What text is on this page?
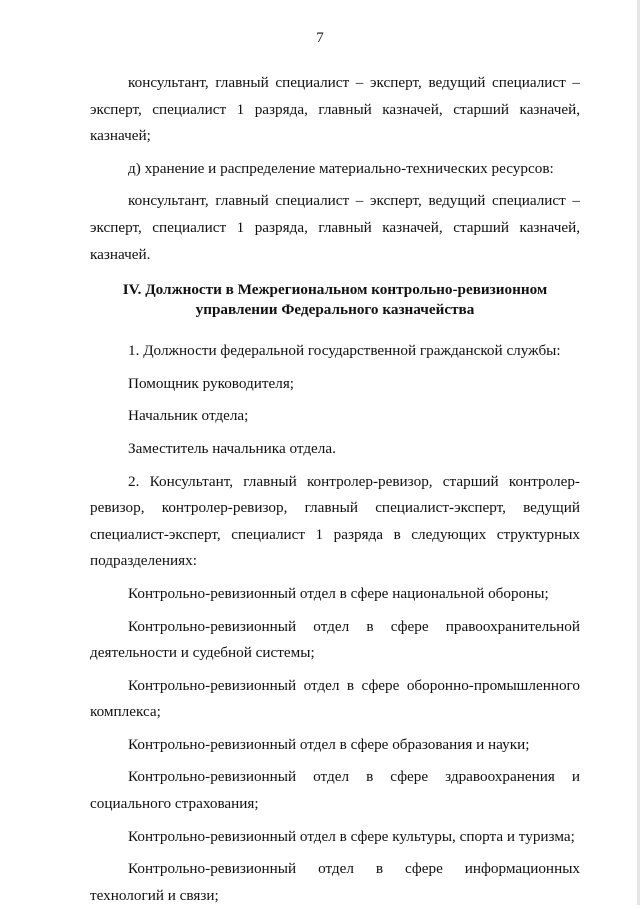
7

консультант, главный специалист – эксперт, ведущий специалист – эксперт, специалист 1 разряда, главный казначей, старший казначей, казначей;

д) хранение и распределение материально-технических ресурсов:

консультант, главный специалист – эксперт, ведущий специалист – эксперт, специалист 1 разряда, главный казначей, старший казначей, казначей.

IV. Должности в Межрегиональном контрольно-ревизионном
управлении Федерального казначейства

1. Должности федеральной государственной гражданской службы:

Помощник руководителя;

Начальник отдела;

Заместитель начальника отдела.

2. Консультант, главный контролер-ревизор, старший контролер-ревизор, контролер-ревизор, главный специалист-эксперт, ведущий специалист-эксперт, специалист 1 разряда в следующих структурных подразделениях:

Контрольно-ревизионный отдел в сфере национальной обороны;

Контрольно-ревизионный отдел в сфере правоохранительной деятельности и судебной системы;

Контрольно-ревизионный отдел в сфере оборонно-промышленного комплекса;

Контрольно-ревизионный отдел в сфере образования и науки;

Контрольно-ревизионный отдел в сфере здравоохранения и социального страхования;

Контрольно-ревизионный отдел в сфере культуры, спорта и туризма;

Контрольно-ревизионный отдел в сфере информационных технологий и связи;
